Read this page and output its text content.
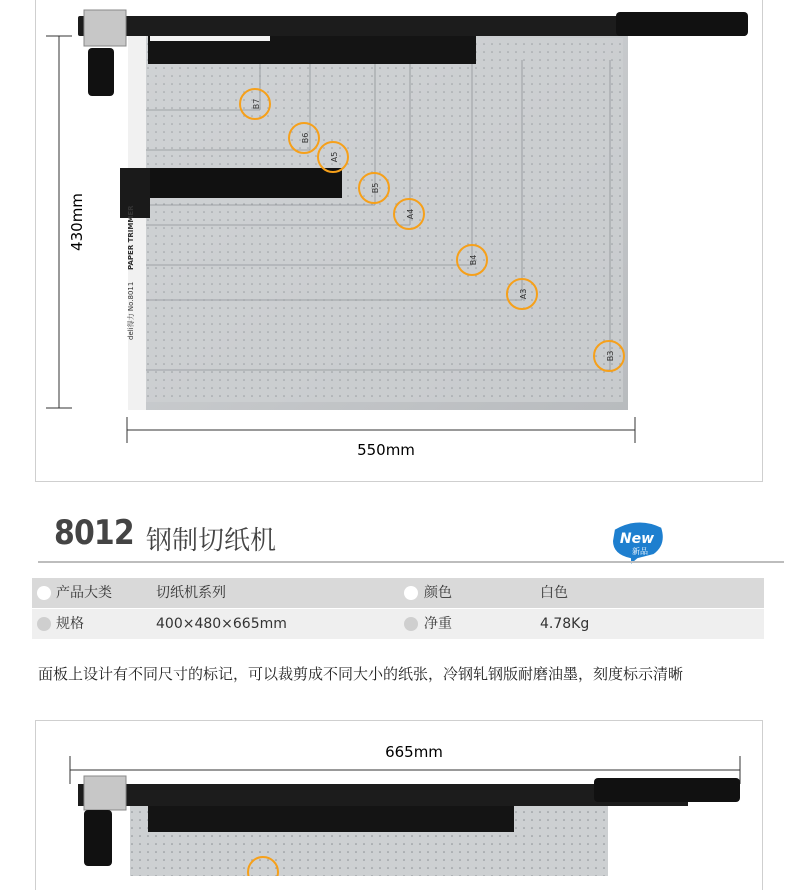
deli得力 No.8011
PAPER TRIMMER
430mm
550mm
B7
B6
A5
B5
A4
B4
A3
B3
8012 钢制切纸机	New
新品
产品大类	切纸机系列	颜色	白色
规格	400×480×665mm	净重	4.78Kg
面板上设计有不同尺寸的标记，可以裁剪成不同大小的纸张，冷钢轧钢版耐磨油墨，刻度标示清晰
665mm
